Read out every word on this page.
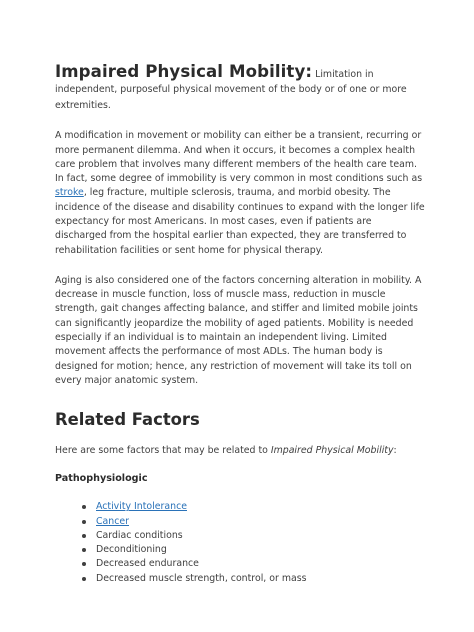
Impaired Physical Mobility: Limitation in independent, purposeful physical movement of the body or of one or more extremities.

A modification in movement or mobility can either be a transient, recurring or more permanent dilemma. And when it occurs, it becomes a complex health care problem that involves many different members of the health care team. In fact, some degree of immobility is very common in most conditions such as stroke, leg fracture, multiple sclerosis, trauma, and morbid obesity. The incidence of the disease and disability continues to expand with the longer life expectancy for most Americans. In most cases, even if patients are discharged from the hospital earlier than expected, they are transferred to rehabilitation facilities or sent home for physical therapy.

Aging is also considered one of the factors concerning alteration in mobility. A decrease in muscle function, loss of muscle mass, reduction in muscle strength, gait changes affecting balance, and stiffer and limited mobile joints can significantly jeopardize the mobility of aged patients. Mobility is needed especially if an individual is to maintain an independent living. Limited movement affects the performance of most ADLs. The human body is designed for motion; hence, any restriction of movement will take its toll on every major anatomic system.

Related Factors

Here are some factors that may be related to Impaired Physical Mobility:

Pathophysiologic

Activity Intolerance
Cancer
Cardiac conditions
Deconditioning
Decreased endurance
Decreased muscle strength, control, or mass
